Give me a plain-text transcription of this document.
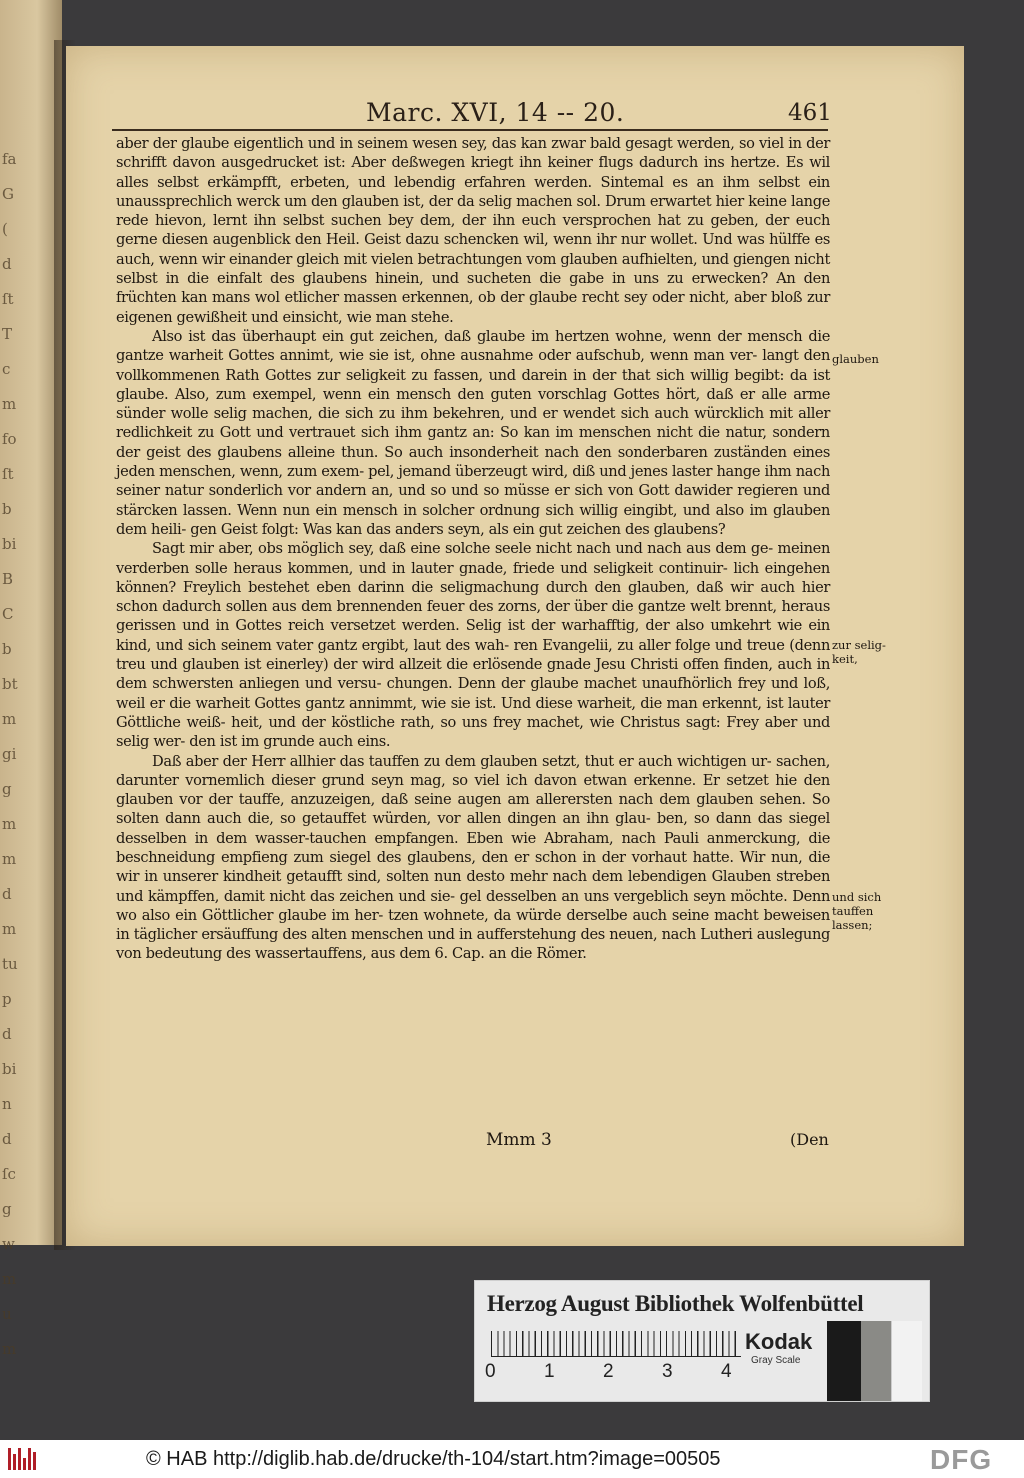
fa
G
(
d
ſt
T
c
m
fo
ſt
b
bi
B
C
b
bt
m
gi
g
m
m
d
m
tu
p
d
bi
n
d
ſc
g
w
m
u
m
Marc. XVI, 14 -- 20.	461

aber der glaube eigentlich und in seinem wesen sey, das kan zwar bald gesagt werden, so viel in der schrifft davon ausgedrucket ist: Aber deßwegen kriegt ihn keiner flugs dadurch ins hertze. Es wil alles selbst erkämpfft, erbeten, und lebendig erfahren werden. Sintemal es an ihm selbst ein unaussprechlich werck um den glauben ist, der da selig machen sol. Drum erwartet hier keine lange rede hievon, lernt ihn selbst suchen bey dem, der ihn euch versprochen hat zu geben, der euch gerne diesen augenblick den Heil. Geist dazu schencken wil, wenn ihr nur wollet. Und was hülffe es auch, wenn wir einander gleich mit vielen betrachtungen vom glauben aufhielten, und giengen nicht selbst in die einfalt des glaubens hinein, und sucheten die gabe in uns zu erwecken? An den früchten kan mans wol etlicher massen erkennen, ob der glaube recht sey oder nicht, aber bloß zur eigenen gewißheit und einsicht, wie man stehe.

Also ist das überhaupt ein gut zeichen, daß glaube im hertzen wohne, wenn der mensch die gantze warheit Gottes annimt, wie sie ist, ohne ausnahme oder aufschub, wenn man ver- langt den vollkommenen Rath Gottes zur seligkeit zu fassen, und darein in der that sich willig begibt: da ist glaube. Also, zum exempel, wenn ein mensch den guten vorschlag Gottes hört, daß er alle arme sünder wolle selig machen, die sich zu ihm bekehren, und er wendet sich auch würcklich mit aller redlichkeit zu Gott und vertrauet sich ihm gantz an: So kan im menschen nicht die natur, sondern der geist des glaubens alleine thun. So auch insonderheit nach den sonderbaren zuständen eines jeden menschen, wenn, zum exem- pel, jemand überzeugt wird, diß und jenes laster hange ihm nach seiner natur sonderlich vor andern an, und so und so müsse er sich von Gott dawider regieren und stärcken lassen. Wenn nun ein mensch in solcher ordnung sich willig eingibt, und also im glauben dem heili- gen Geist folgt: Was kan das anders seyn, als ein gut zeichen des glaubens?

Sagt mir aber, obs möglich sey, daß eine solche seele nicht nach und nach aus dem ge- meinen verderben solle heraus kommen, und in lauter gnade, friede und seligkeit continuir- lich eingehen können? Freylich bestehet eben darinn die seligmachung durch den glauben, daß wir auch hier schon dadurch sollen aus dem brennenden feuer des zorns, der über die gantze welt brennt, heraus gerissen und in Gottes reich versetzet werden. Selig ist der warhafftig, der also umkehrt wie ein kind, und sich seinem vater gantz ergibt, laut des wah- ren Evangelii, zu aller folge und treue (denn treu und glauben ist einerley) der wird allzeit die erlösende gnade Jesu Christi offen finden, auch in dem schwersten anliegen und versu- chungen. Denn der glaube machet unaufhörlich frey und loß, weil er die warheit Gottes gantz annimmt, wie sie ist. Und diese warheit, die man erkennt, ist lauter Göttliche weiß- heit, und der köstliche rath, so uns frey machet, wie Christus sagt: Frey aber und selig wer- den ist im grunde auch eins.

Daß aber der Herr allhier das tauffen zu dem glauben setzt, thut er auch wichtigen ur- sachen, darunter vornemlich dieser grund seyn mag, so viel ich davon etwan erkenne. Er setzet hie den glauben vor der tauffe, anzuzeigen, daß seine augen am allerersten nach dem glauben sehen. So solten dann auch die, so getauffet würden, vor allen dingen an ihn glau- ben, so dann das siegel desselben in dem wasser-tauchen empfangen. Eben wie Abraham, nach Pauli anmerckung, die beschneidung empfieng zum siegel des glaubens, den er schon in der vorhaut hatte. Wir nun, die wir in unserer kindheit getaufft sind, solten nun desto mehr nach dem lebendigen Glauben streben und kämpffen, damit nicht das zeichen und sie- gel desselben an uns vergeblich seyn möchte. Denn wo also ein Göttlicher glaube im her- tzen wohnete, da würde derselbe auch seine macht beweisen in täglicher ersäuffung des alten menschen und in aufferstehung des neuen, nach Lutheri auslegung von bedeutung des wassertauffens, aus dem 6. Cap. an die Römer.

glauben

zur selig-
keit,

und sich
tauffen
lassen;

Mmm 3	(Den
Herzog August Bibliothek Wolfenbüttel
0	1	2	3	4
Kodak
Gray Scale
© HAB http://diglib.hab.de/drucke/th-104/start.htm?image=00505	DFG
